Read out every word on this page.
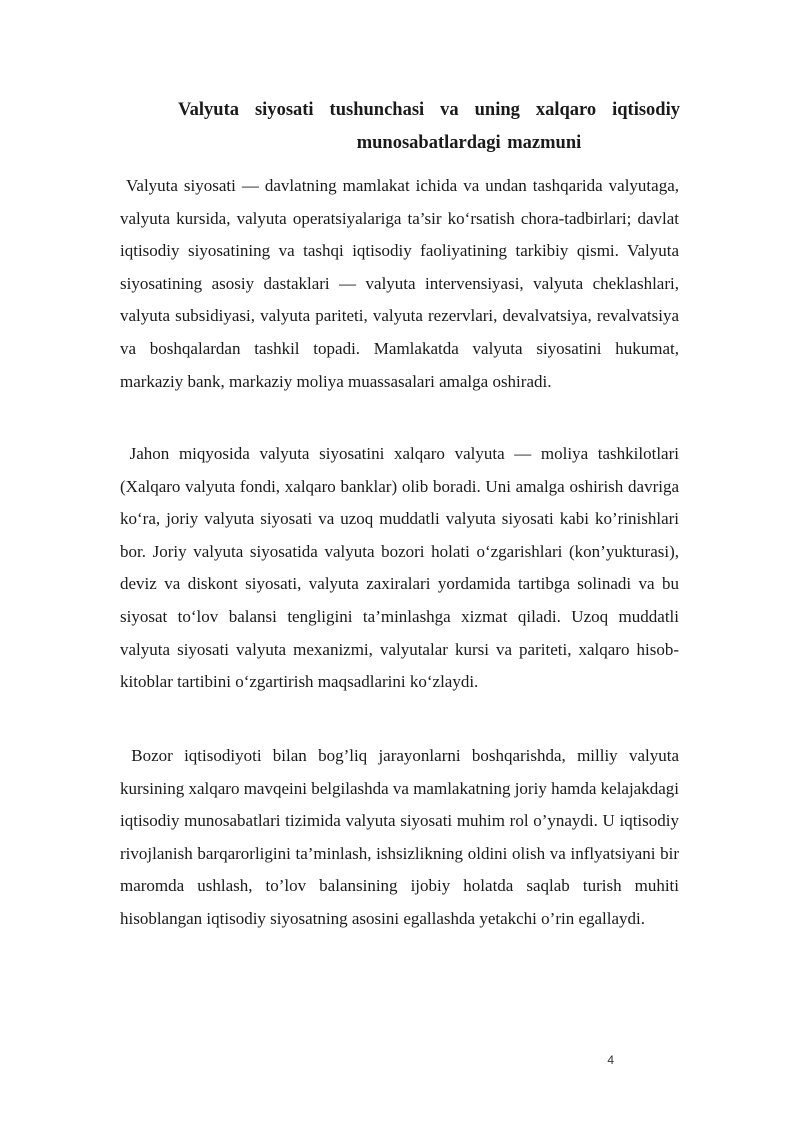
Valyuta siyosati tushunchasi va uning xalqaro iqtisodiy
munosabatlardagi mazmuni

Valyuta siyosati — davlatning mamlakat ichida va undan tashqarida valyutaga, valyuta kursida, valyuta operatsiyalariga ta’sir ko‘rsatish chora-tadbirlari; davlat iqtisodiy siyosatining va tashqi iqtisodiy faoliyatining tarkibiy qismi. Valyuta siyosatining asosiy dastaklari — valyuta intervensiyasi, valyuta cheklashlari, valyuta subsidiyasi, valyuta pariteti, valyuta rezervlari, devalvatsiya, revalvatsiya va boshqalardan tashkil topadi. Mamlakatda valyuta siyosatini hukumat, markaziy bank, markaziy moliya muassasalari amalga oshiradi.

Jahon miqyosida valyuta siyosatini xalqaro valyuta — moliya tashkilotlari (Xalqaro valyuta fondi, xalqaro banklar) olib boradi. Uni amalga oshirish davriga ko‘ra, joriy valyuta siyosati va uzoq muddatli valyuta siyosati kabi ko’rinishlari bor. Joriy valyuta siyosatida valyuta bozori holati o‘zgarishlari (kon’yukturasi), deviz va diskont siyosati, valyuta zaxiralari yordamida tartibga solinadi va bu siyosat to‘lov balansi tengligini ta’minlashga xizmat qiladi. Uzoq muddatli valyuta siyosati valyuta mexanizmi, valyutalar kursi va pariteti, xalqaro hisob-kitoblar tartibini o‘zgartirish maqsadlarini ko‘zlaydi.

Bozor iqtisodiyoti bilan bog’liq jarayonlarni boshqarishda, milliy valyuta kursining xalqaro mavqeini belgilashda va mamlakatning joriy hamda kelajakdagi iqtisodiy munosabatlari tizimida valyuta siyosati muhim rol o’ynaydi. U iqtisodiy rivojlanish barqarorligini ta’minlash, ishsizlikning oldini olish va inflyatsiyani bir maromda ushlash, to’lov balansining ijobiy holatda saqlab turish muhiti hisoblangan iqtisodiy siyosatning asosini egallashda yetakchi o’rin egallaydi.

4
